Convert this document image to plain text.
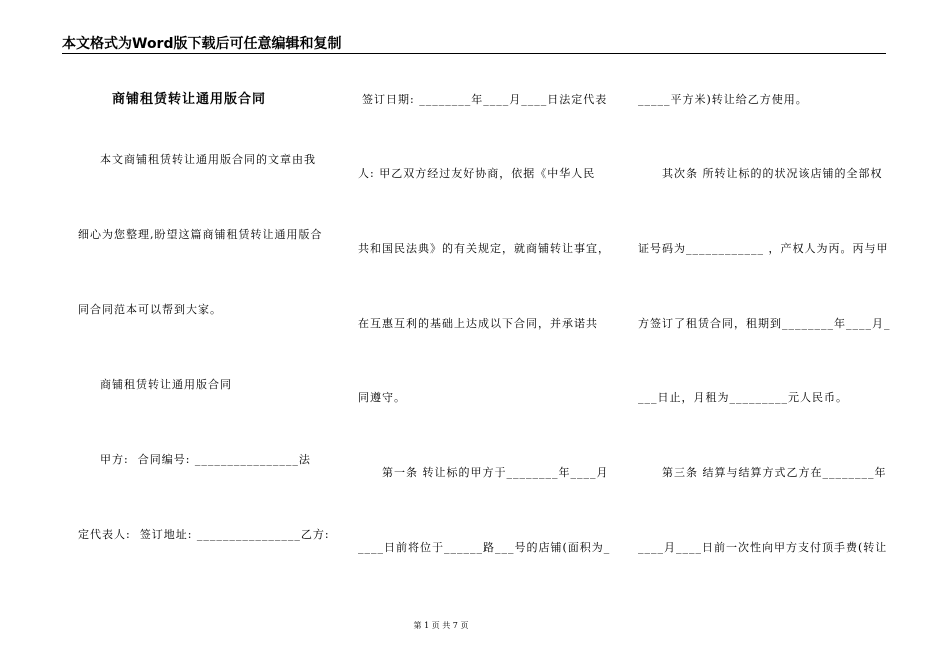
本文格式为Word版下载后可任意编辑和复制
商铺租赁转让通用版合同
本文商铺租赁转让通用版合同的文章由我
细心为您整理,盼望这篇商铺租赁转让通用版合
同合同范本可以帮到大家。
商铺租赁转让通用版合同
甲方:  合同编号: ________________法
定代表人:  签订地址: ________________乙方:
签订日期: ________年____月____日法定代表
人: 甲乙双方经过友好协商，依据《中华人民
共和国民法典》的有关规定，就商铺转让事宜，
在互惠互利的基础上达成以下合同，并承诺共
同遵守。
第一条 转让标的甲方于________年____月
____日前将位于______路___号的店铺(面积为_
_____平方米)转让给乙方使用。
其次条 所转让标的的状况该店铺的全部权
证号码为____________ ，产权人为丙。丙与甲
方签订了租赁合同，租期到________年____月_
___日止，月租为_________元人民币。
第三条 结算与结算方式乙方在________年
____月____日前一次性向甲方支付顶手费(转让
第 1 页 共 7 页
